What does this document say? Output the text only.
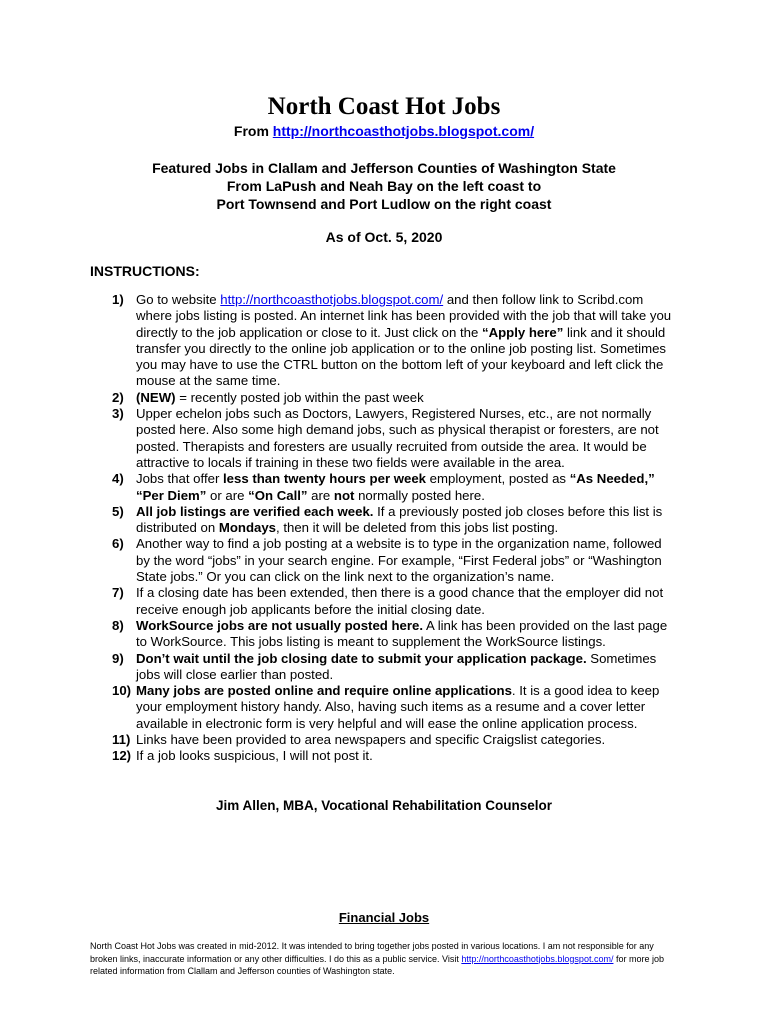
North Coast Hot Jobs
From http://northcoasthotjobs.blogspot.com/
Featured Jobs in Clallam and Jefferson Counties of Washington State
From LaPush and Neah Bay on the left coast to
Port Townsend and Port Ludlow on the right coast
As of Oct. 5, 2020
INSTRUCTIONS:
1) Go to website http://northcoasthotjobs.blogspot.com/ and then follow link to Scribd.com where jobs listing is posted. An internet link has been provided with the job that will take you directly to the job application or close to it. Just click on the “Apply here” link and it should transfer you directly to the online job application or to the online job posting list. Sometimes you may have to use the CTRL button on the bottom left of your keyboard and left click the mouse at the same time.
2) (NEW) = recently posted job within the past week
3) Upper echelon jobs such as Doctors, Lawyers, Registered Nurses, etc., are not normally posted here. Also some high demand jobs, such as physical therapist or foresters, are not posted. Therapists and foresters are usually recruited from outside the area. It would be attractive to locals if training in these two fields were available in the area.
4) Jobs that offer less than twenty hours per week employment, posted as “As Needed,” “Per Diem” or are “On Call” are not normally posted here.
5) All job listings are verified each week. If a previously posted job closes before this list is distributed on Mondays, then it will be deleted from this jobs list posting.
6) Another way to find a job posting at a website is to type in the organization name, followed by the word “jobs” in your search engine. For example, “First Federal jobs” or “Washington State jobs.” Or you can click on the link next to the organization’s name.
7) If a closing date has been extended, then there is a good chance that the employer did not receive enough job applicants before the initial closing date.
8) WorkSource jobs are not usually posted here. A link has been provided on the last page to WorkSource. This jobs listing is meant to supplement the WorkSource listings.
9) Don’t wait until the job closing date to submit your application package. Sometimes jobs will close earlier than posted.
10) Many jobs are posted online and require online applications. It is a good idea to keep your employment history handy. Also, having such items as a resume and a cover letter available in electronic form is very helpful and will ease the online application process.
11) Links have been provided to area newspapers and specific Craigslist categories.
12) If a job looks suspicious, I will not post it.
Jim Allen, MBA, Vocational Rehabilitation Counselor
Financial Jobs
North Coast Hot Jobs was created in mid-2012. It was intended to bring together jobs posted in various locations. I am not responsible for any broken links, inaccurate information or any other difficulties. I do this as a public service. Visit http://northcoasthotjobs.blogspot.com/ for more job related information from Clallam and Jefferson counties of Washington state.
